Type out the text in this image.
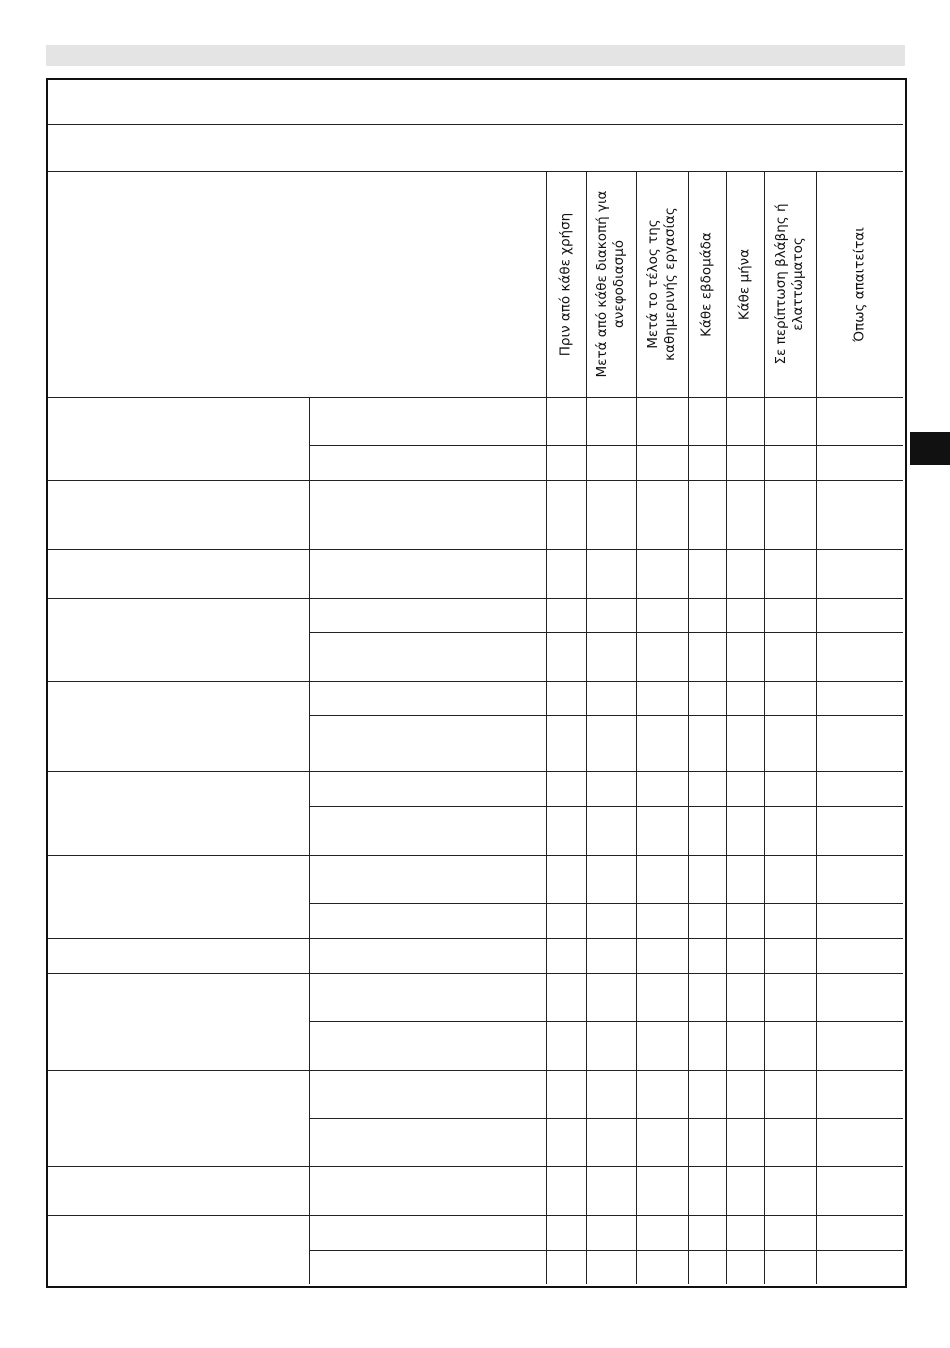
Πριν από κάθε χρήση Μετά από κάθε διακοπή για ανεφοδιασμό Μετά το τέλος της καθημερινής εργασίας Κάθε εβδομάδα Κάθε μήνα Σε περίπτωση βλάβης ή ελαττώματος	Όπως απαιτείται
